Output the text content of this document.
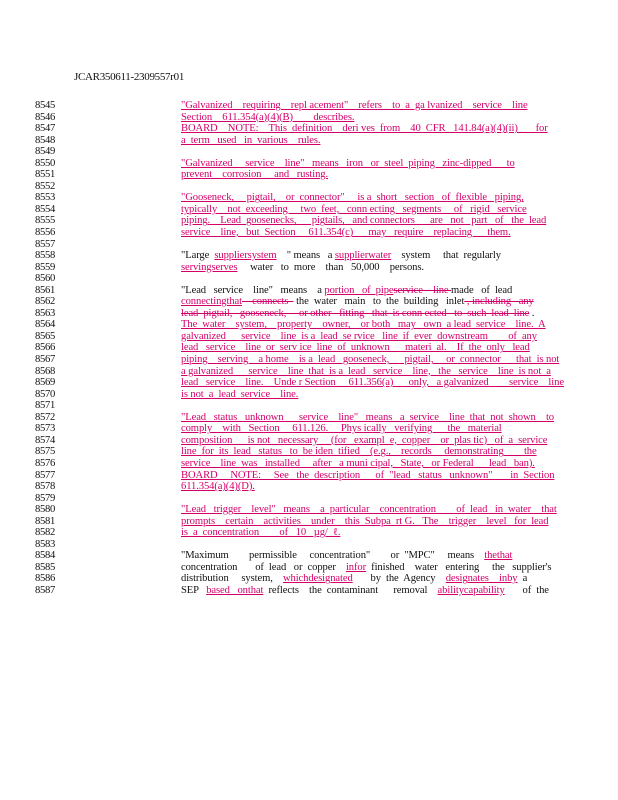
JCAR350611-2309557r01
8545	"Galvanized    requiring    repl acement"    refers    to  a  ga lvanized    service    line
8546	Section    611.354(a)(4)(B)        describes.
8547	BOARD    NOTE:    This  definition    deri ves  from    40  CFR   141.84(a)(4)(ii)       for
8548	a  term   used   in  various    rules.
8549
8550	"Galvanized     service    line"   means   iron   or  steel  piping   zinc-dipped      to
8551	prevent    corrosion     and   rusting.
8552
8553	"Gooseneck,     pigtail,    or  connector"     is a  short   section   of  flexible   piping,
8554	typically    not  exceeding     two  feet,   conn ecting   segments     of   rigid   service
8555	piping.    Lead  goosenecks,      pigtails,   and connectors      are   not   part   of   the  lead
8556	service    line,   but  Section     611.354(c)      may   require    replacing      them.
8557
8558	"Large  suppliersystem    " means   a supplierwater    system     that  regularly
8559	servingserves     water   to  more    than   50,000    persons.
8560
8561	"Lead   service    line"   means    a portion   of  pipeservice    line made   of  lead
8562	connectingthat    connects   the  water   main   to  the  building   inlet , including   any
8563	lead  pigtail,   gooseneck,     or other   fitting   that  is conn ected   to  such  lead  line .
8564	The  water    system,    property    owner,    or both   may   own  a lead  service    line.  A
8565	galvanized      service    line  is a  lead  se rvice   line  if  ever  downstream        of  any
8566	lead   service    line  or  serv ice  line  of  unknown      materi  al.    If  the  only   lead
8567	piping    serving    a home    is a  lead   gooseneck,      pigtail,     or  connector      that  is not
8568	a galvanized      service    line  that  is a  lead   service    line,   the   service    line  is not  a
8569	lead   service    line.    Unde r Section     611.356(a)      only,   a galvanized        service    line
8570	is not  a  lead  service    line.
8571
8572	"Lead   status   unknown      service    line"   means   a  service    line  that  not  shown    to
8573	comply    with   Section     611.126.     Phys ically   verifying      the   material
8574	composition      is not   necessary     (for   exampl  e,  copper    or  plas tic)   of  a  service
8575	line  for  its  lead   status   to  be iden  tified    (e.g.,    records     demonstrating        the
8576	service    line  was   installed     after   a muni cipal,   State,   or Federal      lead   ban).
8577	BOARD     NOTE:     See   the  description      of  "lead   status   unknown"       in  Section
8578	611.354(a)(4)(D).
8579
8580	"Lead   trigger    level"   means    a  particular    concentration        of  lead   in  water    that
8581	prompts    certain    activities    under    this  Subpa  rt G.   The    trigger    level   for  lead
8582	is  a  concentration        of   10   µg/  ℓ.
8583
8584	"Maximum        permissible     concentration"        or  "MPC"     means    thethat
8585	concentration       of  lead   or  copper    infor  finished    water   entering     the   supplier's
8586	distribution     system,    whichdesignated       by  the  Agency    designates    inby  a
8587	SEP   based   onthat  reflects    the  contaminant      removal    abilitycapability       of  the
